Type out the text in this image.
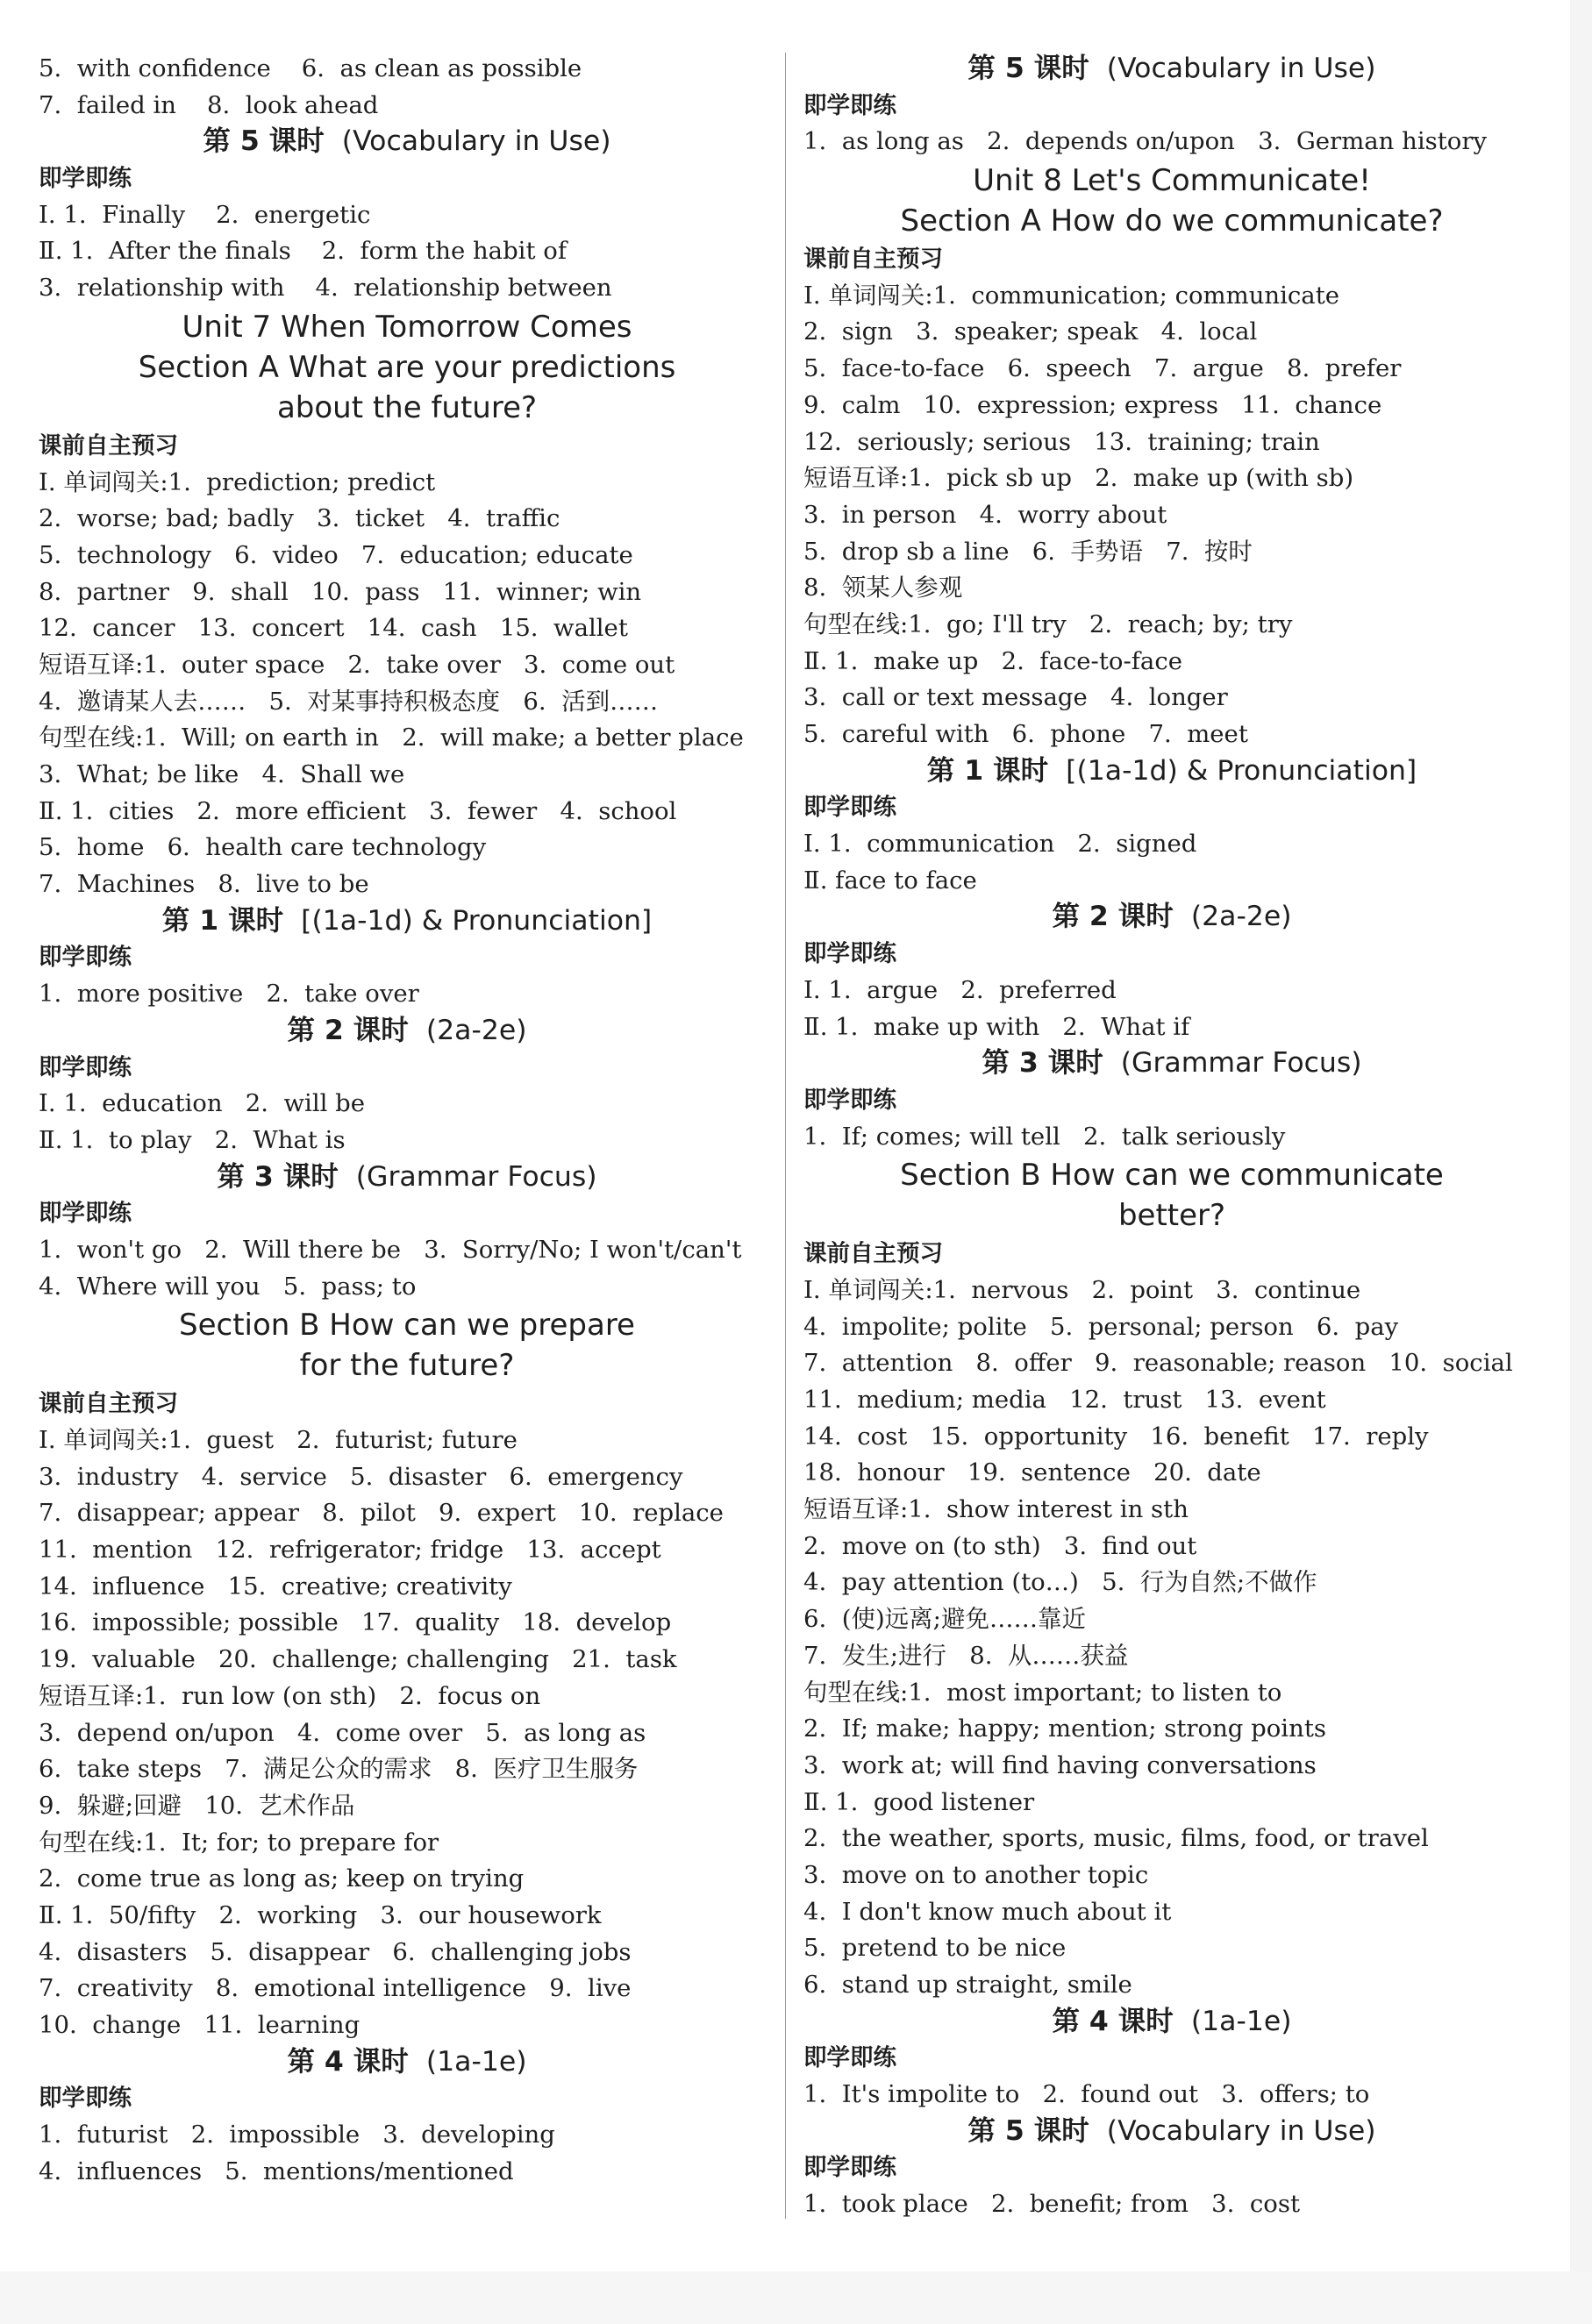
5.  with confidence    6.  as clean as possible
7.  failed in    8.  look ahead
第 5 课时  (Vocabulary in Use)
即学即练
Ⅰ. 1.  Finally    2.  energetic
Ⅱ. 1.  After the finals    2.  form the habit of
3.  relationship with    4.  relationship between
Unit 7 When Tomorrow Comes
Section A What are your predictions
about the future?
课前自主预习
Ⅰ. 单词闯关:1.  prediction; predict
2.  worse; bad; badly   3.  ticket   4.  traffic
5.  technology   6.  video   7.  education; educate
8.  partner   9.  shall   10.  pass   11.  winner; win
12.  cancer   13.  concert   14.  cash   15.  wallet
短语互译:1.  outer space   2.  take over   3.  come out
4.  邀请某人去……   5.  对某事持积极态度   6.  活到……
句型在线:1.  Will; on earth in   2.  will make; a better place
3.  What; be like   4.  Shall we
Ⅱ. 1.  cities   2.  more efficient   3.  fewer   4.  school
5.  home   6.  health care technology
7.  Machines   8.  live to be
第 1 课时  [(1a-1d) & Pronunciation]
即学即练
1.  more positive   2.  take over
第 2 课时  (2a-2e)
即学即练
Ⅰ. 1.  education   2.  will be
Ⅱ. 1.  to play   2.  What is
第 3 课时  (Grammar Focus)
即学即练
1.  won't go   2.  Will there be   3.  Sorry/No; I won't/can't
4.  Where will you   5.  pass; to
Section B How can we prepare
for the future?
课前自主预习
Ⅰ. 单词闯关:1.  guest   2.  futurist; future
3.  industry   4.  service   5.  disaster   6.  emergency
7.  disappear; appear   8.  pilot   9.  expert   10.  replace
11.  mention   12.  refrigerator; fridge   13.  accept
14.  influence   15.  creative; creativity
16.  impossible; possible   17.  quality   18.  develop
19.  valuable   20.  challenge; challenging   21.  task
短语互译:1.  run low (on sth)   2.  focus on
3.  depend on/upon   4.  come over   5.  as long as
6.  take steps   7.  满足公众的需求   8.  医疗卫生服务
9.  躲避;回避   10.  艺术作品
句型在线:1.  It; for; to prepare for
2.  come true as long as; keep on trying
Ⅱ. 1.  50/fifty   2.  working   3.  our housework
4.  disasters   5.  disappear   6.  challenging jobs
7.  creativity   8.  emotional intelligence   9.  live
10.  change   11.  learning
第 4 课时  (1a-1e)
即学即练
1.  futurist   2.  impossible   3.  developing
4.  influences   5.  mentions/mentioned
第 5 课时  (Vocabulary in Use)
即学即练
1.  as long as   2.  depends on/upon   3.  German history
Unit 8 Let's Communicate!
Section A How do we communicate?
课前自主预习
Ⅰ. 单词闯关:1.  communication; communicate
2.  sign   3.  speaker; speak   4.  local
5.  face-to-face   6.  speech   7.  argue   8.  prefer
9.  calm   10.  expression; express   11.  chance
12.  seriously; serious   13.  training; train
短语互译:1.  pick sb up   2.  make up (with sb)
3.  in person   4.  worry about
5.  drop sb a line   6.  手势语   7.  按时
8.  领某人参观
句型在线:1.  go; I'll try   2.  reach; by; try
Ⅱ. 1.  make up   2.  face-to-face
3.  call or text message   4.  longer
5.  careful with   6.  phone   7.  meet
第 1 课时  [(1a-1d) & Pronunciation]
即学即练
Ⅰ. 1.  communication   2.  signed
Ⅱ. face to face
第 2 课时  (2a-2e)
即学即练
Ⅰ. 1.  argue   2.  preferred
Ⅱ. 1.  make up with   2.  What if
第 3 课时  (Grammar Focus)
即学即练
1.  If; comes; will tell   2.  talk seriously
Section B How can we communicate
better?
课前自主预习
Ⅰ. 单词闯关:1.  nervous   2.  point   3.  continue
4.  impolite; polite   5.  personal; person   6.  pay
7.  attention   8.  offer   9.  reasonable; reason   10.  social
11.  medium; media   12.  trust   13.  event
14.  cost   15.  opportunity   16.  benefit   17.  reply
18.  honour   19.  sentence   20.  date
短语互译:1.  show interest in sth
2.  move on (to sth)   3.  find out
4.  pay attention (to…)   5.  行为自然;不做作
6.  (使)远离;避免……靠近
7.  发生;进行   8.  从……获益
句型在线:1.  most important; to listen to
2.  If; make; happy; mention; strong points
3.  work at; will find having conversations
Ⅱ. 1.  good listener
2.  the weather, sports, music, films, food, or travel
3.  move on to another topic
4.  I don't know much about it
5.  pretend to be nice
6.  stand up straight, smile
第 4 课时  (1a-1e)
即学即练
1.  It's impolite to   2.  found out   3.  offers; to
第 5 课时  (Vocabulary in Use)
即学即练
1.  took place   2.  benefit; from   3.  cost
